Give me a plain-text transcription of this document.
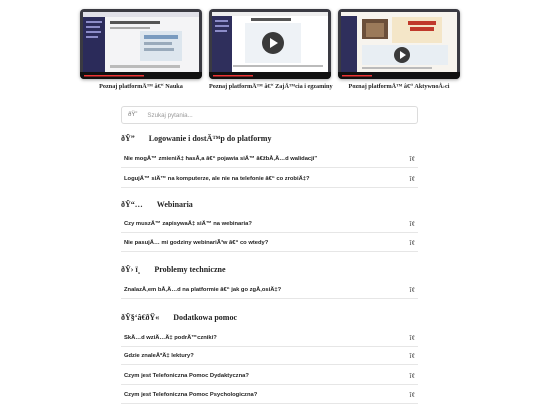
Poznaj platformÄ™ â€“ Nauka	Poznaj platformÄ™ â€“ ZajÄ™cia i egzaminy	Poznaj platformÄ™ â€“ AktywnoÅ›ci
ðŸ” Szukaj pytania...
ðŸ” Logowanie i dostÄ™p do platformy
Nie mogÄ™ zmieniÄ‡ hasÅ‚a â€“ pojawia siÄ™ â€žbÅ‚Ä…d walidacji"	î¢
LogujÄ™ siÄ™ na komputerze, ale nie na telefonie â€“ co zrobiÄ‡?	î¢
ðŸ“… Webinaria
Czy muszÄ™ zapisywaÄ‡ siÄ™ na webinaria?	î¢
Nie pasujÄ… mi godziny webinariÃ³w â€“ co wtedy?	î¢
ðŸ› ï¸ Problemy techniczne
ZnalazÅ‚em bÅ‚Ä…d na platformie â€“ jak go zgÅ‚osiÄ‡?	î¢
ðŸ§‘â€ðŸ« Dodatkowa pomoc
SkÄ…d wziÄ…Ä‡ podrÄ™czniki?	î¢
Gdzie znaleÅºÄ‡ lektury?	î¢
Czym jest Telefoniczna Pomoc Dydaktyczna?	î¢
Czym jest Telefoniczna Pomoc Psychologiczna?	î¢
